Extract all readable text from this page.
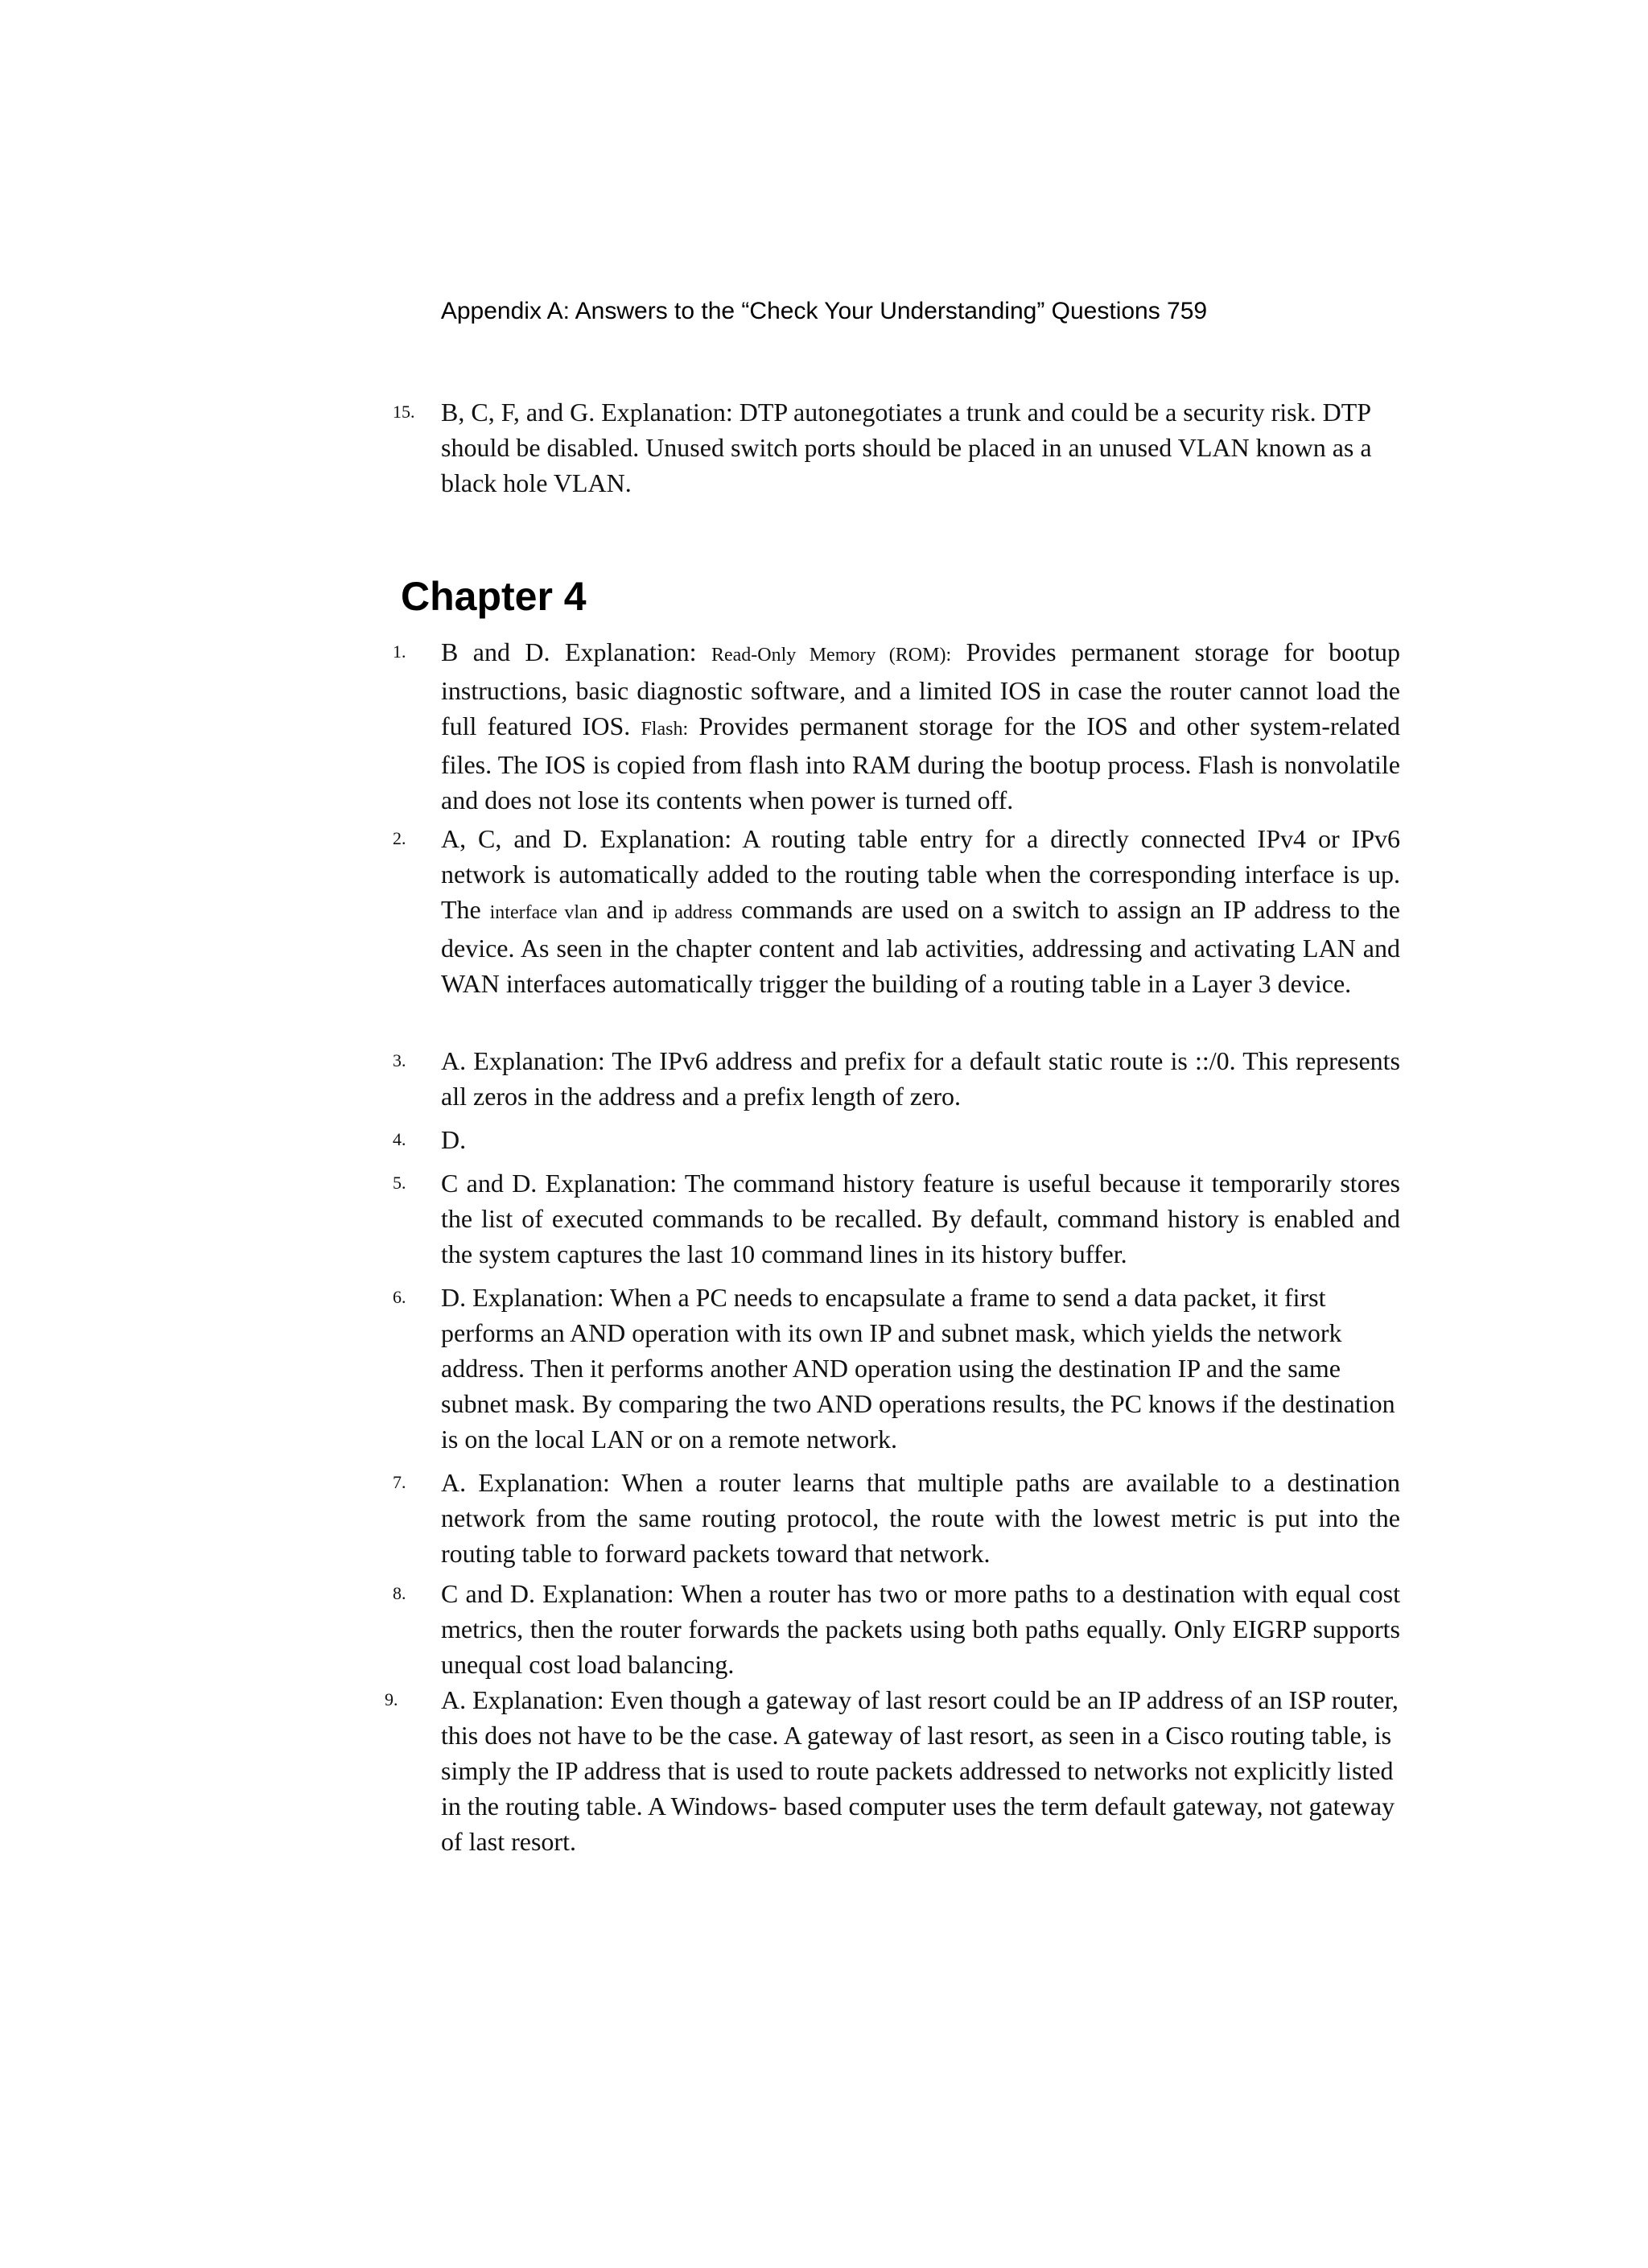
Appendix A: Answers to the “Check Your Understanding” Questions 759
15.	B, C, F, and G. Explanation: DTP autonegotiates a trunk and could be a security risk. DTP should be disabled. Unused switch ports should be placed in an unused VLAN known as a black hole VLAN.
1.	B and D. Explanation: Read-Only Memory (ROM): Provides permanent storage for bootup instructions, basic diagnostic software, and a limited IOS in case the router cannot load the full featured IOS. Flash: Provides permanent storage for the IOS and other system-related files. The IOS is copied from flash into RAM during the bootup process. Flash is nonvolatile and does not lose its contents when power is turned off.
2.	A, C, and D. Explanation: A routing table entry for a directly connected IPv4 or IPv6 network is automatically added to the routing table when the corresponding interface is up. The interface vlan and ip address commands are used on a switch to assign an IP address to the device. As seen in the chapter content and lab activities, addressing and activating LAN and WAN interfaces automatically trigger the building of a routing table in a Layer 3 device.
3.	A. Explanation: The IPv6 address and prefix for a default static route is ::/0. This represents all zeros in the address and a prefix length of zero.
4.	D.
5.	C and D. Explanation: The command history feature is useful because it temporarily stores the list of executed commands to be recalled. By default, command history is enabled and the system captures the last 10 command lines in its history buffer.
6.	D. Explanation: When a PC needs to encapsulate a frame to send a data packet, it first performs an AND operation with its own IP and subnet mask, which yields the network address. Then it performs another AND operation using the destination IP and the same subnet mask. By comparing the two AND operations results, the PC knows if the destination is on the local LAN or on a remote network.
7.	A. Explanation: When a router learns that multiple paths are available to a destination network from the same routing protocol, the route with the lowest metric is put into the routing table to forward packets toward that network.
8.	C and D. Explanation: When a router has two or more paths to a destination with equal cost metrics, then the router forwards the packets using both paths equally. Only EIGRP supports unequal cost load balancing.
9.	A. Explanation: Even though a gateway of last resort could be an IP address of an ISP router, this does not have to be the case. A gateway of last resort, as seen in a Cisco routing table, is simply the IP address that is used to route packets addressed to networks not explicitly listed in the routing table. A Windows- based computer uses the term default gateway, not gateway of last resort.
Chapter 4
